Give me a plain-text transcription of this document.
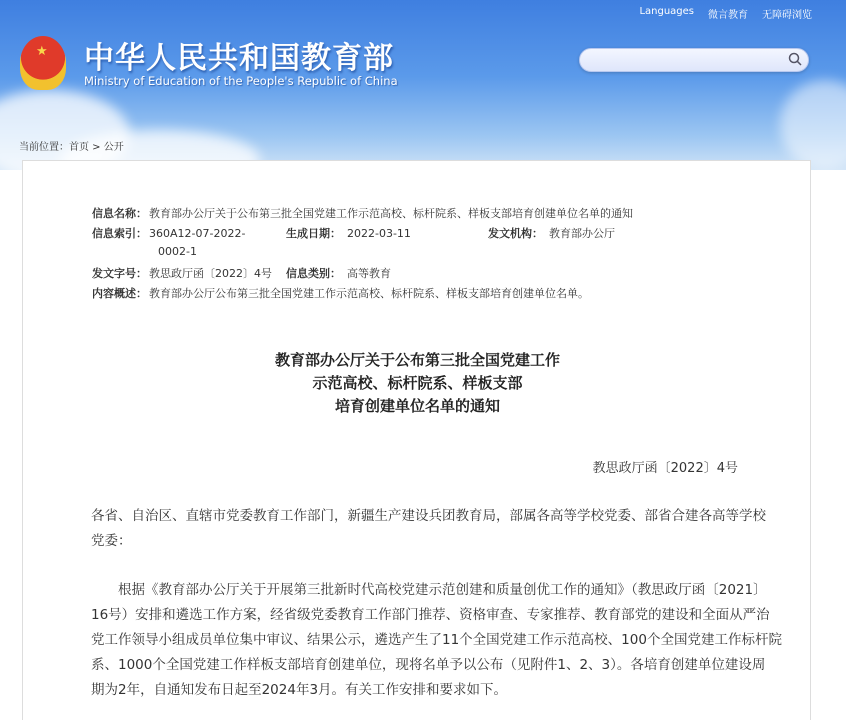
Languages 微言教育 无障碍浏览
★ 中华人民共和国教育部
Ministry of Education of the People's Republic of China
当前位置：首页 > 公开
信息名称： 教育部办公厅关于公布第三批全国党建工作示范高校、标杆院系、样板支部培育创建单位名单的通知
信息索引： 360A12-07-2022-
0002-1
生成日期： 2022-03-11	发文机构： 教育部办公厅
发文字号： 教思政厅函〔2022〕4号 信息类别： 高等教育
内容概述： 教育部办公厅公布第三批全国党建工作示范高校、标杆院系、样板支部培育创建单位名单。
教育部办公厅关于公布第三批全国党建工作
示范高校、标杆院系、样板支部
培育创建单位名单的通知
教思政厅函〔2022〕4号
各省、自治区、直辖市党委教育工作部门，新疆生产建设兵团教育局，部属各高等学校党委、部省合建各高等学校
党委：
　　根据《教育部办公厅关于开展第三批新时代高校党建示范创建和质量创优工作的通知》（教思政厅函〔2021〕
16号）安排和遴选工作方案，经省级党委教育工作部门推荐、资格审查、专家推荐、教育部党的建设和全面从严治
党工作领导小组成员单位集中审议、结果公示，遴选产生了11个全国党建工作示范高校、100个全国党建工作标杆院
系、1000个全国党建工作样板支部培育创建单位，现将名单予以公布（见附件1、2、3）。各培育创建单位建设周
期为2年，自通知发布日起至2024年3月。有关工作安排和要求如下。
